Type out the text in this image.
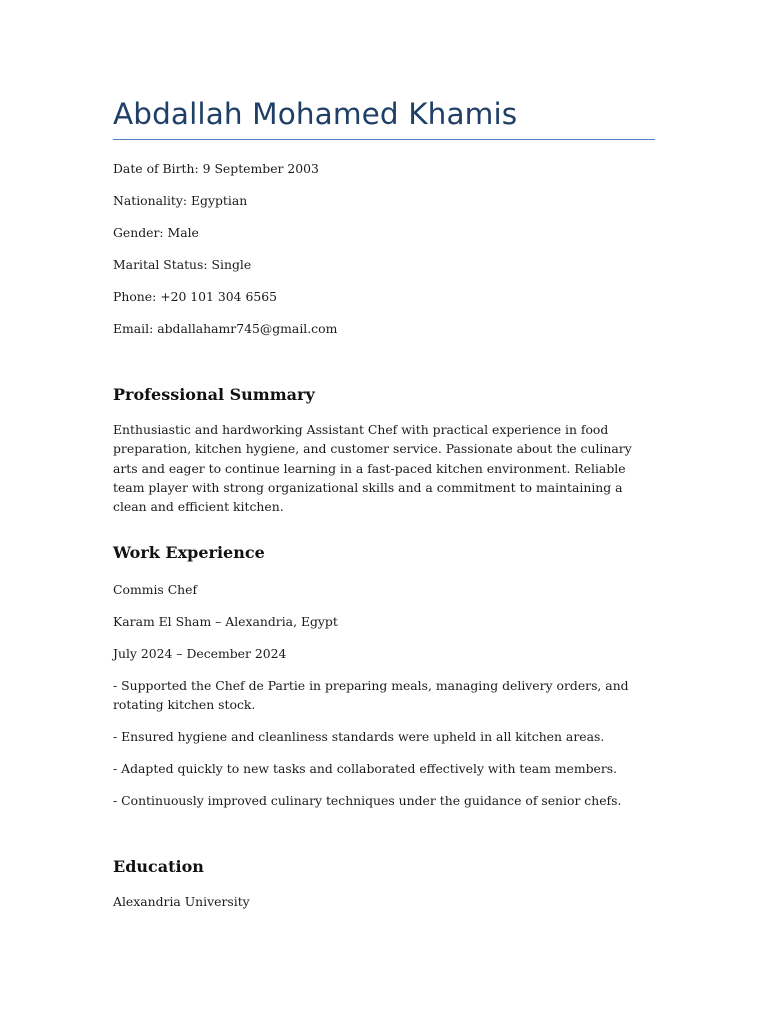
Abdallah Mohamed Khamis

Date of Birth: 9 September 2003

Nationality: Egyptian

Gender: Male

Marital Status: Single

Phone: +20 101 304 6565

Email: abdallahamr745@gmail.com

Professional Summary

Enthusiastic and hardworking Assistant Chef with practical experience in food preparation, kitchen hygiene, and customer service. Passionate about the culinary arts and eager to continue learning in a fast-paced kitchen environment. Reliable team player with strong organizational skills and a commitment to maintaining a clean and efficient kitchen.

Work Experience

Commis Chef

Karam El Sham – Alexandria, Egypt

July 2024 – December 2024

- Supported the Chef de Partie in preparing meals, managing delivery orders, and rotating kitchen stock.

- Ensured hygiene and cleanliness standards were upheld in all kitchen areas.

- Adapted quickly to new tasks and collaborated effectively with team members.

- Continuously improved culinary techniques under the guidance of senior chefs.

Education

Alexandria University
